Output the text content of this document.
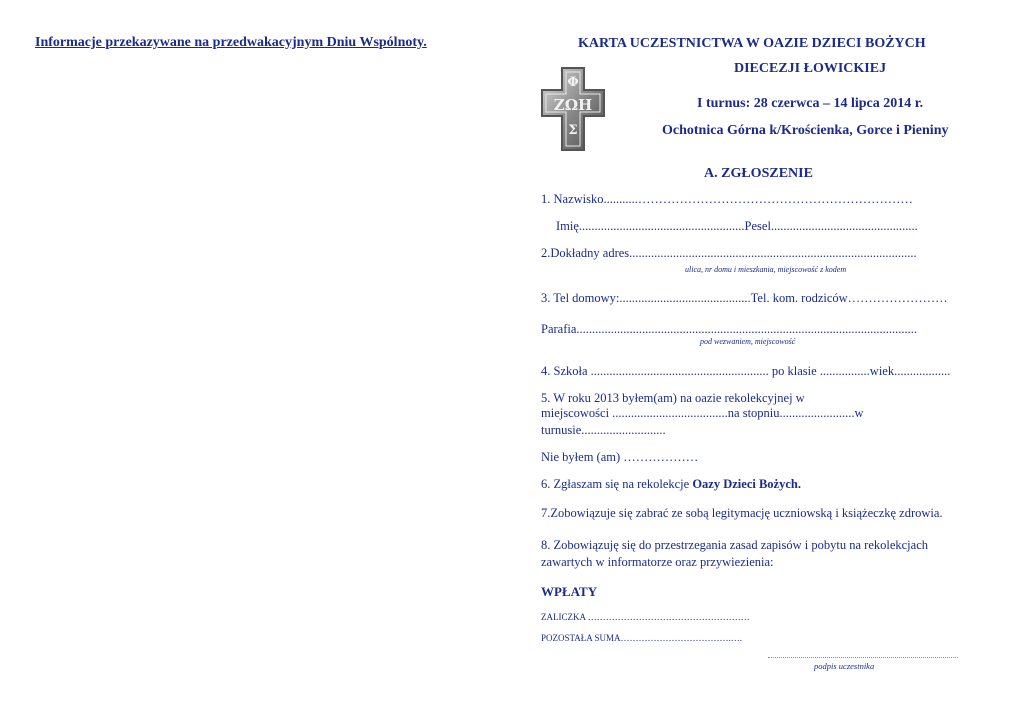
Informacje przekazywane na przedwakacyjnym Dniu Wspólnoty.	KARTA UCZESTNICTWA W OAZIE DZIECI BOŻYCH
DIECEZJI ŁOWICKIEJ
ΖΩΗ
Φ
Σ
I turnus: 28 czerwca – 14 lipca 2014 r.
Ochotnica Górna k/Krościenka, Gorce i Pieniny
A. ZGŁOSZENIE
1. Nazwisko...........…………………………………………………………
Imię.....................................................Pesel...............................................
2.Dokładny adres............................................................................................
ulica, nr domu i mieszkania, miejscowość z kodem
3. Tel domowy:..........................................Tel. kom. rodziców……………………
Parafia.............................................................................................................
pod wezwaniem, miejscowość
4. Szkoła ......................................................... po klasie ................wiek..................
5. W roku 2013 byłem(am) na oazie rekolekcyjnej w
miejscowości .....................................na stopniu........................w
turnusie...........................
Nie byłem (am) ………………
6. Zgłaszam się na rekolekcje Oazy Dzieci Bożych.
7.Zobowiązuje się zabrać ze sobą legitymację uczniowską i książeczkę zdrowia.
8. Zobowiązuję się do przestrzegania zasad zapisów i pobytu na rekolekcjach
zawartych w informatorze oraz przywiezienia:
WPŁATY
ZALICZKA ………………………………………………
POZOSTAŁA SUMA……………………………….….
podpis uczestnika
